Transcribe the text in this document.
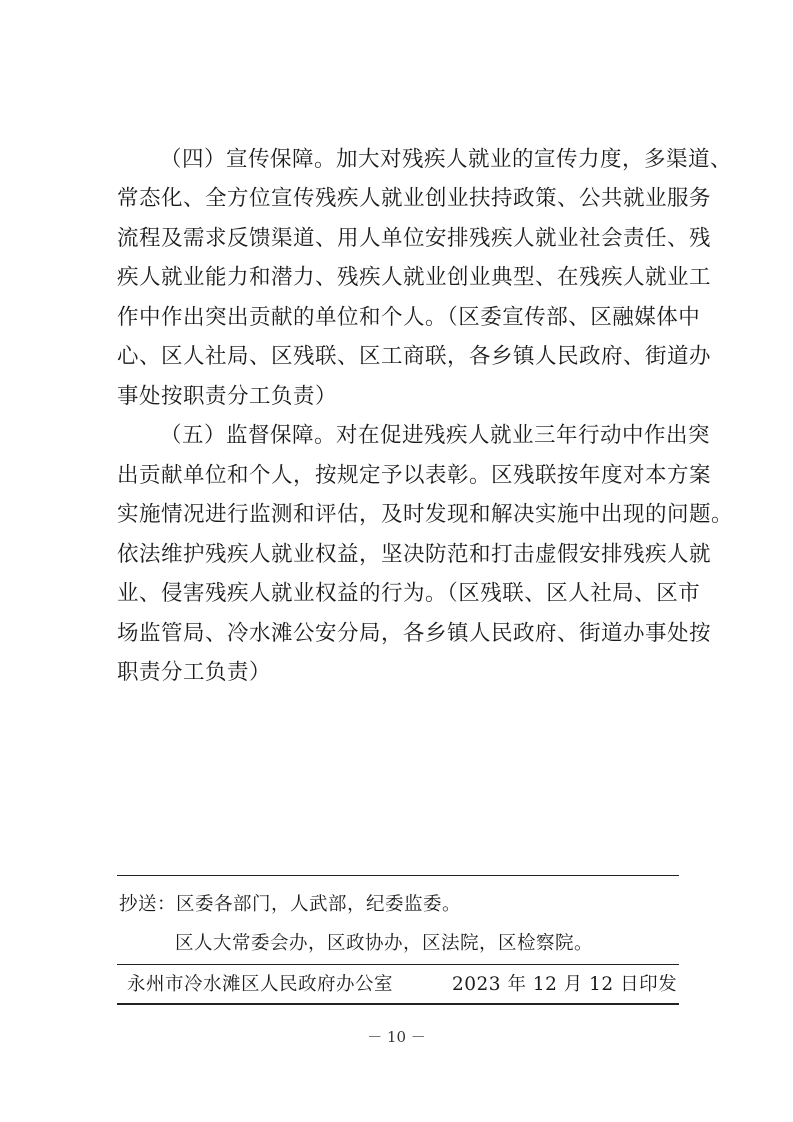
（四）宣传保障。加大对残疾人就业的宣传力度，多渠道、
常态化、全方位宣传残疾人就业创业扶持政策、公共就业服务
流程及需求反馈渠道、用人单位安排残疾人就业社会责任、残
疾人就业能力和潜力、残疾人就业创业典型、在残疾人就业工
作中作出突出贡献的单位和个人。（区委宣传部、区融媒体中
心、区人社局、区残联、区工商联，各乡镇人民政府、街道办
事处按职责分工负责）
（五）监督保障。对在促进残疾人就业三年行动中作出突
出贡献单位和个人，按规定予以表彰。区残联按年度对本方案
实施情况进行监测和评估，及时发现和解决实施中出现的问题。
依法维护残疾人就业权益，坚决防范和打击虚假安排残疾人就
业、侵害残疾人就业权益的行为。（区残联、区人社局、区市
场监管局、冷水滩公安分局，各乡镇人民政府、街道办事处按
职责分工负责）
抄送：区委各部门，人武部，纪委监委。
区人大常委会办，区政协办，区法院，区检察院。
永州市冷水滩区人民政府办公室	2023 年 12 月 12 日印发
－ 10 －
